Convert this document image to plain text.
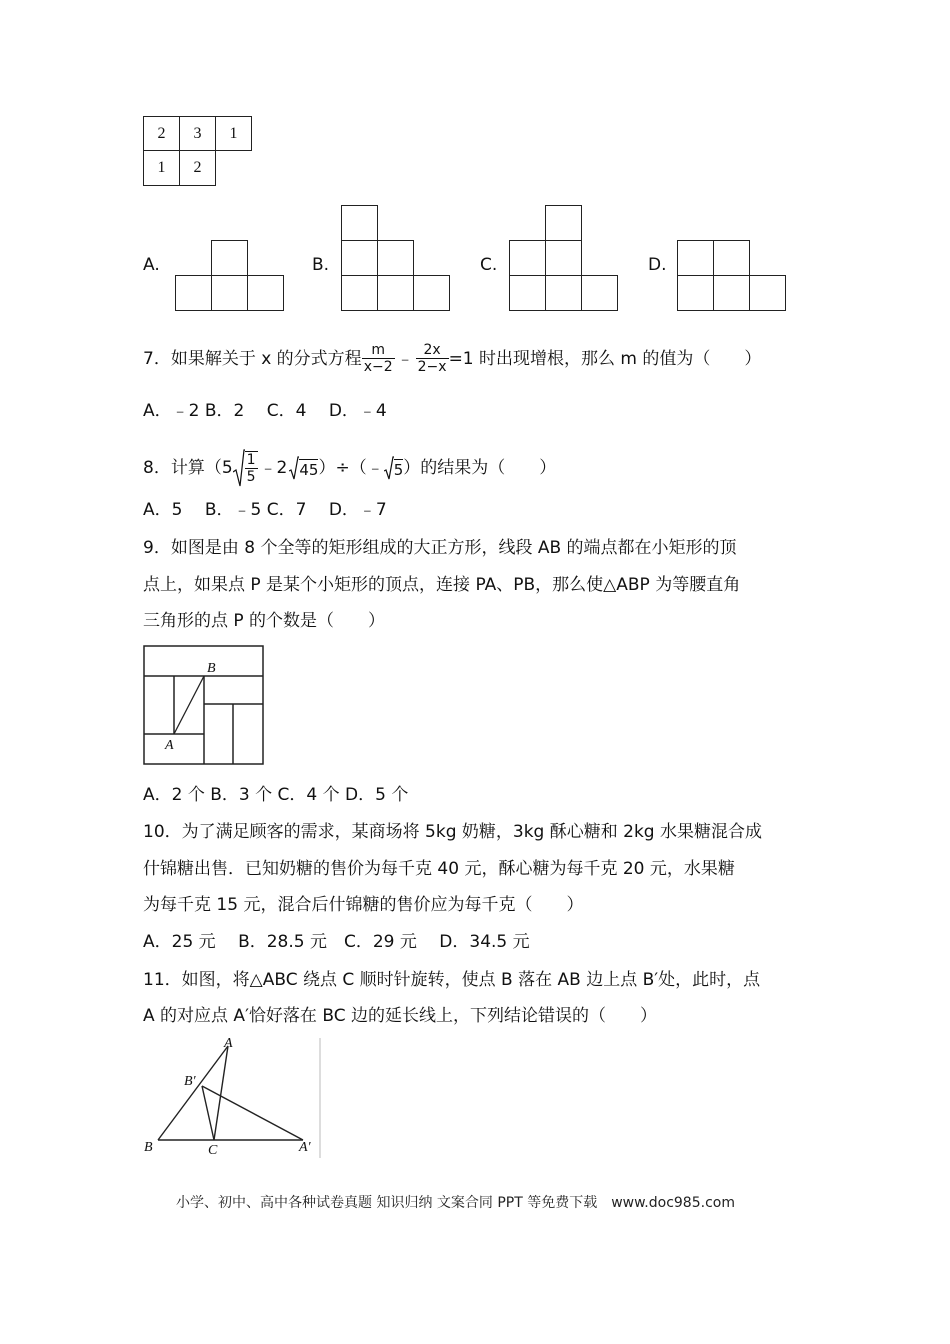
2	3	1
1	2
A.	B.	C.	D.
7．如果解关于 x 的分式方程 $\frac{m}{x-2}$ ﹣ $\frac{2x}{2-x} =1$ 时出现增根，那么 m 的值为（　　）
A．﹣2 B．2　 C．4　 D．﹣4
8．计算（$5 \frac{1}{5}$ ﹣2 45 ）÷（﹣ 5 ）的结果为（　　）
A．5　 B．﹣5 C．7　 D．﹣7
9．如图是由 8 个全等的矩形组成的大正方形，线段 AB 的端点都在小矩形的顶
点上，如果点 P 是某个小矩形的顶点，连接 PA、PB，那么使△ABP 为等腰直角
三角形的点 P 的个数是（　　）
B
A
A．2 个 B．3 个 C．4 个 D．5 个
10．为了满足顾客的需求，某商场将 5kg 奶糖，3kg 酥心糖和 2kg 水果糖混合成
什锦糖出售．已知奶糖的售价为每千克 40 元，酥心糖为每千克 20 元，水果糖
为每千克 15 元，混合后什锦糖的售价应为每千克（　　）
A．25 元　 B．28.5 元　C．29 元　 D．34.5 元
11．如图，将△ABC 绕点 C 顺时针旋转，使点 B 落在 AB 边上点 B′处，此时，点
A 的对应点 A′恰好落在 BC 边的延长线上，下列结论错误的（　　）
A
B′
B	C	A′
小学、初中、高中各种试卷真题 知识归纳 文案合同 PPT 等免费下载　www.doc985.com
